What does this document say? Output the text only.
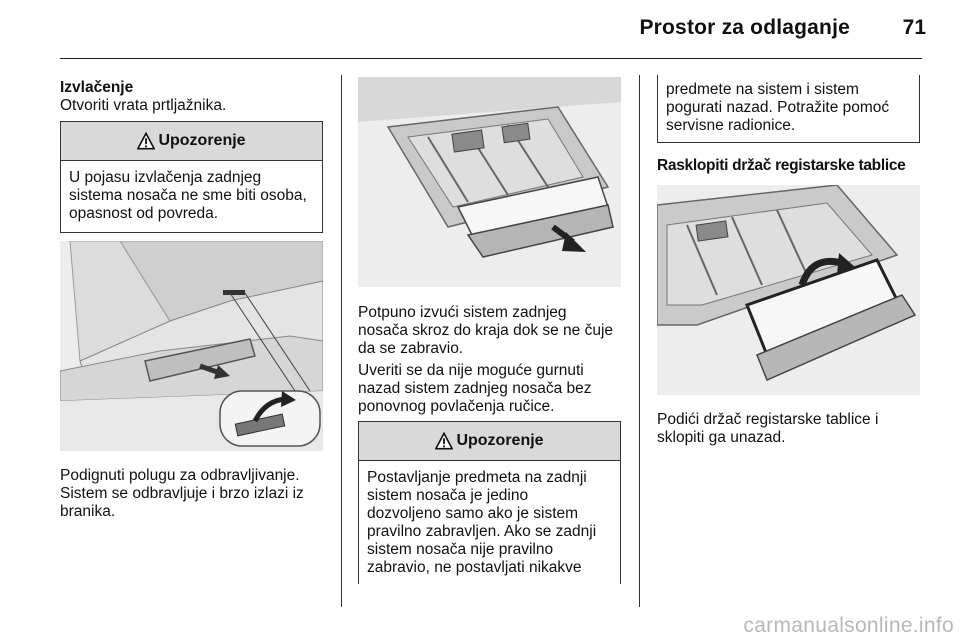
Prostor za odlaganje	71
Izvlačenje
Otvoriti vrata prtljažnika.
Upozorenje
U pojasu izvlačenja zadnjeg
sistema nosača ne sme biti osoba,
opasnost od povreda.
Podignuti polugu za odbravljivanje.
Sistem se odbravljuje i brzo izlazi iz
branika.
Potpuno izvući sistem zadnjeg
nosača skroz do kraja dok se ne čuje
da se zabravio.
Uveriti se da nije moguće gurnuti
nazad sistem zadnjeg nosača bez
ponovnog povlačenja ručice.
Upozorenje
Postavljanje predmeta na zadnji
sistem nosača je jedino
dozvoljeno samo ako je sistem
pravilno zabravljen. Ako se zadnji
sistem nosača nije pravilno
zabravio, ne postavljati nikakve
predmete na sistem i sistem
pogurati nazad. Potražite pomoć
servisne radionice.
Rasklopiti držač registarske tablice
Podići držač registarske tablice i
sklopiti ga unazad.
carmanualsonline.info
